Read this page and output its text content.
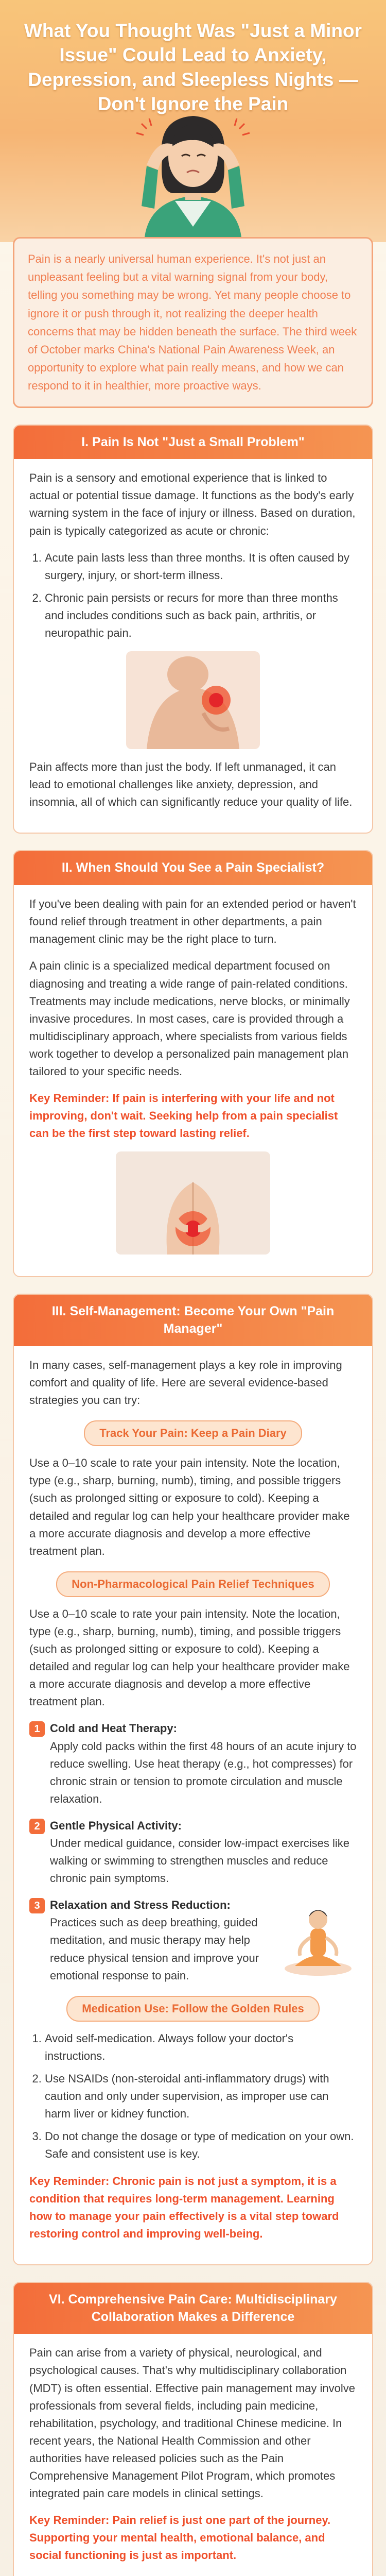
What You Thought Was "Just a Minor Issue" Could Lead to Anxiety, Depression, and Sleepless Nights — Don't Ignore the Pain

Pain is a nearly universal human experience. It's not just an unpleasant feeling but a vital warning signal from your body, telling you something may be wrong. Yet many people choose to ignore it or push through it, not realizing the deeper health concerns that may be hidden beneath the surface. The third week of October marks China's National Pain Awareness Week, an opportunity to explore what pain really means, and how we can respond to it in healthier, more proactive ways.

I. Pain Is Not "Just a Small Problem"

Pain is a sensory and emotional experience that is linked to actual or potential tissue damage. It functions as the body's early warning system in the face of injury or illness. Based on duration, pain is typically categorized as acute or chronic:

1. Acute pain lasts less than three months. It is often caused by surgery, injury, or short-term illness.
2. Chronic pain persists or recurs for more than three months and includes conditions such as back pain, arthritis, or neuropathic pain.

Pain affects more than just the body. If left unmanaged, it can lead to emotional challenges like anxiety, depression, and insomnia, all of which can significantly reduce your quality of life.

II. When Should You See a Pain Specialist?

If you've been dealing with pain for an extended period or haven't found relief through treatment in other departments, a pain management clinic may be the right place to turn.

A pain clinic is a specialized medical department focused on diagnosing and treating a wide range of pain-related conditions. Treatments may include medications, nerve blocks, or minimally invasive procedures. In most cases, care is provided through a multidisciplinary approach, where specialists from various fields work together to develop a personalized pain management plan tailored to your specific needs.

Key Reminder: If pain is interfering with your life and not improving, don't wait. Seeking help from a pain specialist can be the first step toward lasting relief.

III. Self-Management: Become Your Own "Pain Manager"

In many cases, self-management plays a key role in improving comfort and quality of life. Here are several evidence-based strategies you can try:

Track Your Pain: Keep a Pain Diary

Use a 0–10 scale to rate your pain intensity. Note the location, type (e.g., sharp, burning, numb), timing, and possible triggers (such as prolonged sitting or exposure to cold). Keeping a detailed and regular log can help your healthcare provider make a more accurate diagnosis and develop a more effective treatment plan.

Non-Pharmacological Pain Relief Techniques

Use a 0–10 scale to rate your pain intensity. Note the location, type (e.g., sharp, burning, numb), timing, and possible triggers (such as prolonged sitting or exposure to cold). Keeping a detailed and regular log can help your healthcare provider make a more accurate diagnosis and develop a more effective treatment plan.

1 Cold and Heat Therapy:
Apply cold packs within the first 48 hours of an acute injury to reduce swelling. Use heat therapy (e.g., hot compresses) for chronic strain or tension to promote circulation and muscle relaxation.
2 Gentle Physical Activity:
Under medical guidance, consider low-impact exercises like walking or swimming to strengthen muscles and reduce chronic pain symptoms.
3 Relaxation and Stress Reduction:
Practices such as deep breathing, guided meditation, and music therapy may help reduce physical tension and improve your emotional response to pain.
Medication Use: Follow the Golden Rules
1. Avoid self-medication. Always follow your doctor's instructions.
2. Use NSAIDs (non-steroidal anti-inflammatory drugs) with caution and only under supervision, as improper use can harm liver or kidney function.
3. Do not change the dosage or type of medication on your own. Safe and consistent use is key.

Key Reminder: Chronic pain is not just a symptom, it is a condition that requires long-term management. Learning how to manage your pain effectively is a vital step toward restoring control and improving well-being.

VI. Comprehensive Pain Care: Multidisciplinary Collaboration Makes a Difference

Pain can arise from a variety of physical, neurological, and psychological causes. That's why multidisciplinary collaboration (MDT) is often essential. Effective pain management may involve professionals from several fields, including pain medicine, rehabilitation, psychology, and traditional Chinese medicine. In recent years, the National Health Commission and other authorities have released policies such as the Pain Comprehensive Management Pilot Program, which promotes integrated pain care models in clinical settings.

Key Reminder: Pain relief is just one part of the journey. Supporting your mental health, emotional balance, and social functioning is just as important.
